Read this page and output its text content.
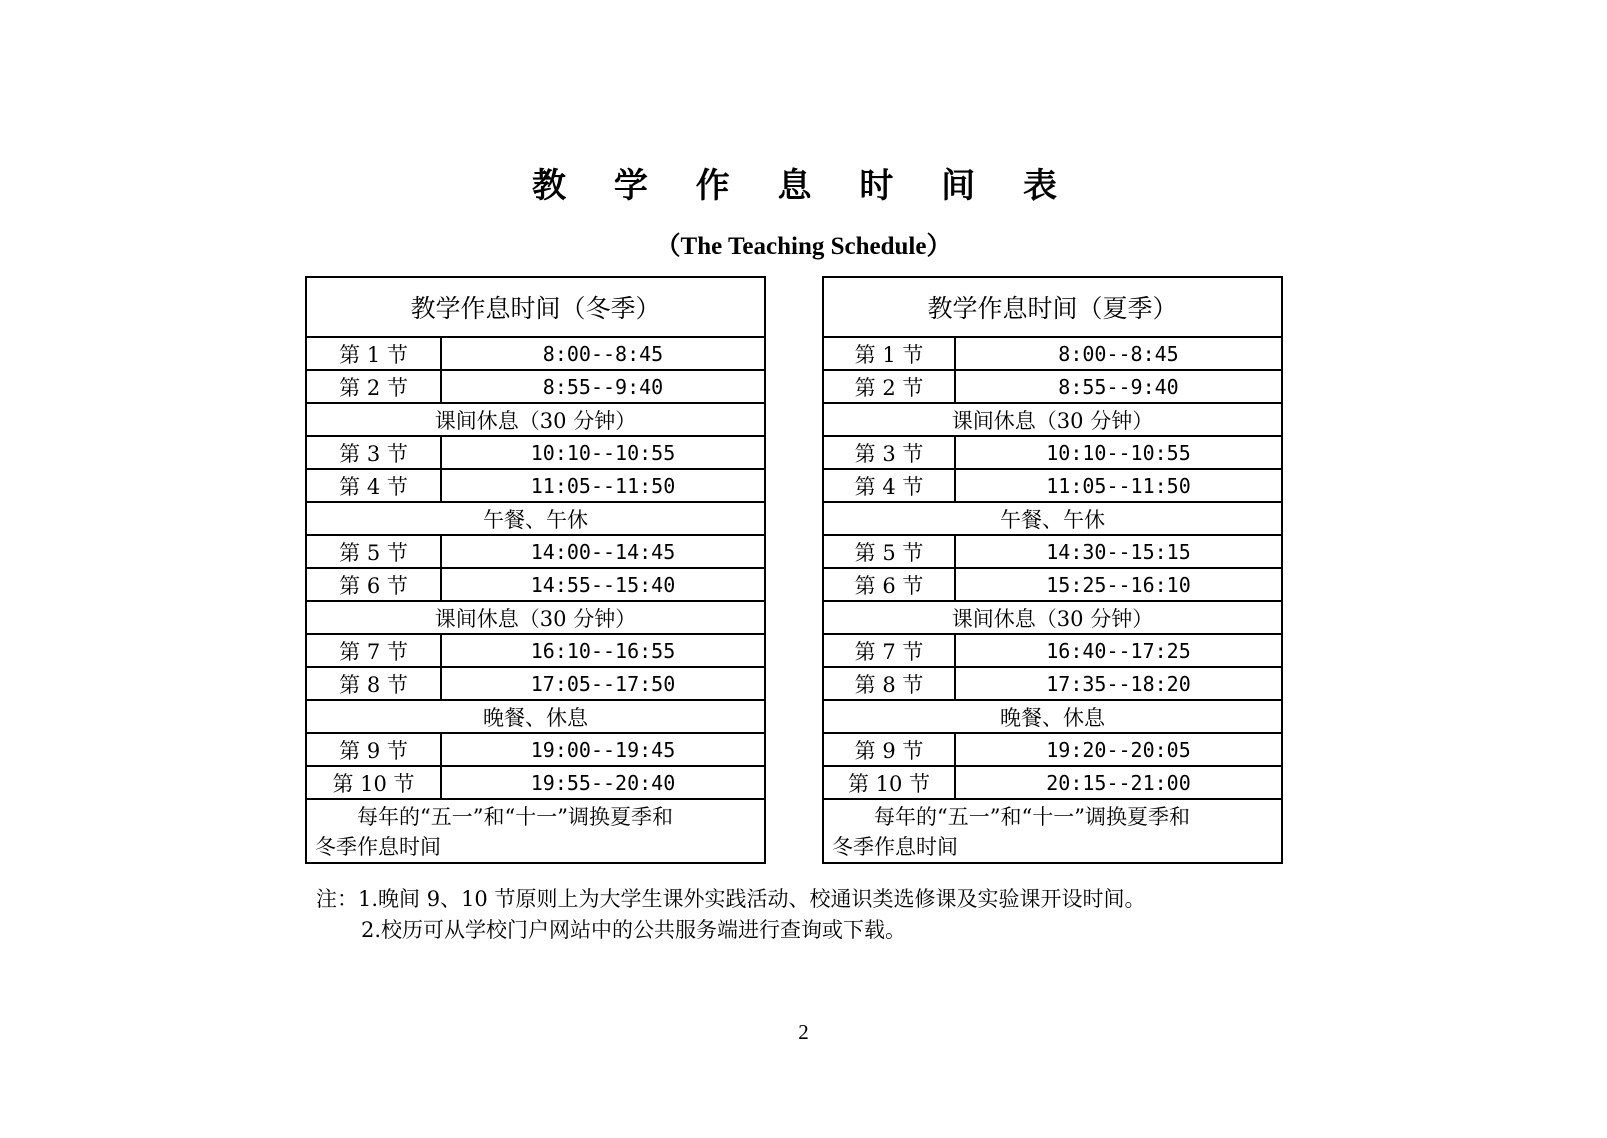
教 学 作 息 时 间 表
（The Teaching Schedule）
教学作息时间（冬季）
第 1 节	8:00--8:45
第 2 节	8:55--9:40
课间休息（30 分钟）
第 3 节	10:10--10:55
第 4 节	11:05--11:50
午餐、午休
第 5 节	14:00--14:45
第 6 节	14:55--15:40
课间休息（30 分钟）
第 7 节	16:10--16:55
第 8 节	17:05--17:50
晚餐、休息
第 9 节	19:00--19:45
第 10 节	19:55--20:40
每年的“五一”和“十一”调换夏季和
冬季作息时间
教学作息时间（夏季）
第 1 节	8:00--8:45
第 2 节	8:55--9:40
课间休息（30 分钟）
第 3 节	10:10--10:55
第 4 节	11:05--11:50
午餐、午休
第 5 节	14:30--15:15
第 6 节	15:25--16:10
课间休息（30 分钟）
第 7 节	16:40--17:25
第 8 节	17:35--18:20
晚餐、休息
第 9 节	19:20--20:05
第 10 节	20:15--21:00
每年的“五一”和“十一”调换夏季和
冬季作息时间
注：1.晚间 9、10 节原则上为大学生课外实践活动、校通识类选修课及实验课开设时间。
2.校历可从学校门户网站中的公共服务端进行查询或下载。
2
